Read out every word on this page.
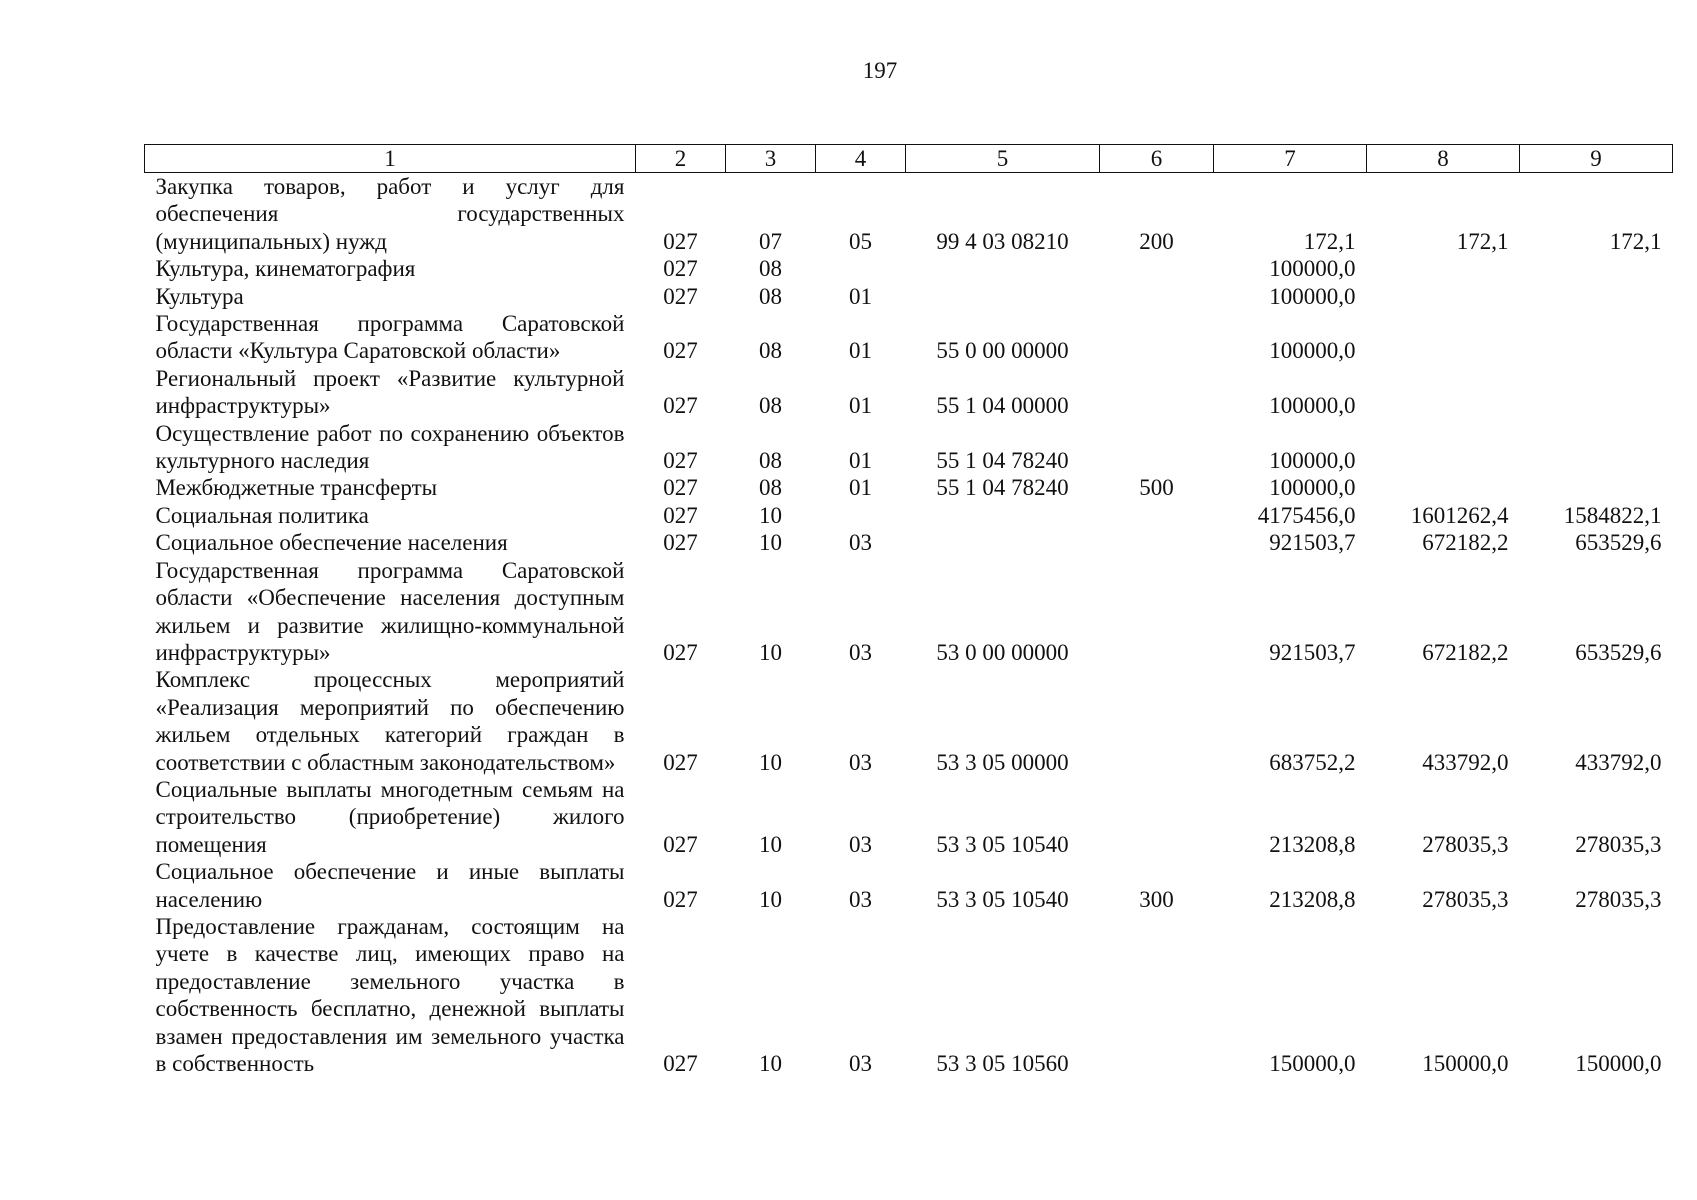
197
1	2	3	4	5	6	7	8	9
Закупка товаров, работ и услуг для обеспечения государственных (муниципальных) нужд	027	07	05	99 4 03 08210	200	172,1	172,1	172,1
Культура, кинематография	027	08				100000,0		
Культура	027	08	01			100000,0		
Государственная программа Саратовской области «Культура Саратовской области»	027	08	01	55 0 00 00000		100000,0		
Региональный проект «Развитие культурной инфраструктуры»	027	08	01	55 1 04 00000		100000,0		
Осуществление работ по сохранению объектов культурного наследия	027	08	01	55 1 04 78240		100000,0		
Межбюджетные трансферты	027	08	01	55 1 04 78240	500	100000,0		
Социальная политика	027	10				4175456,0	1601262,4	1584822,1
Социальное обеспечение населения	027	10	03			921503,7	672182,2	653529,6
Государственная программа Саратовской области «Обеспечение населения доступным жильем и развитие жилищно-коммунальной инфраструктуры»	027	10	03	53 0 00 00000		921503,7	672182,2	653529,6
Комплекс процессных мероприятий «Реализация мероприятий по обеспечению жильем отдельных категорий граждан в соответствии с областным законодательством»	027	10	03	53 3 05 00000		683752,2	433792,0	433792,0
Социальные выплаты многодетным семьям на строительство (приобретение) жилого помещения	027	10	03	53 3 05 10540		213208,8	278035,3	278035,3
Социальное обеспечение и иные выплаты населению	027	10	03	53 3 05 10540	300	213208,8	278035,3	278035,3
Предоставление гражданам, состоящим на учете в качестве лиц, имеющих право на предоставление земельного участка в собственность бесплатно, денежной выплаты взамен предоставления им земельного участка в собственность	027	10	03	53 3 05 10560		150000,0	150000,0	150000,0
